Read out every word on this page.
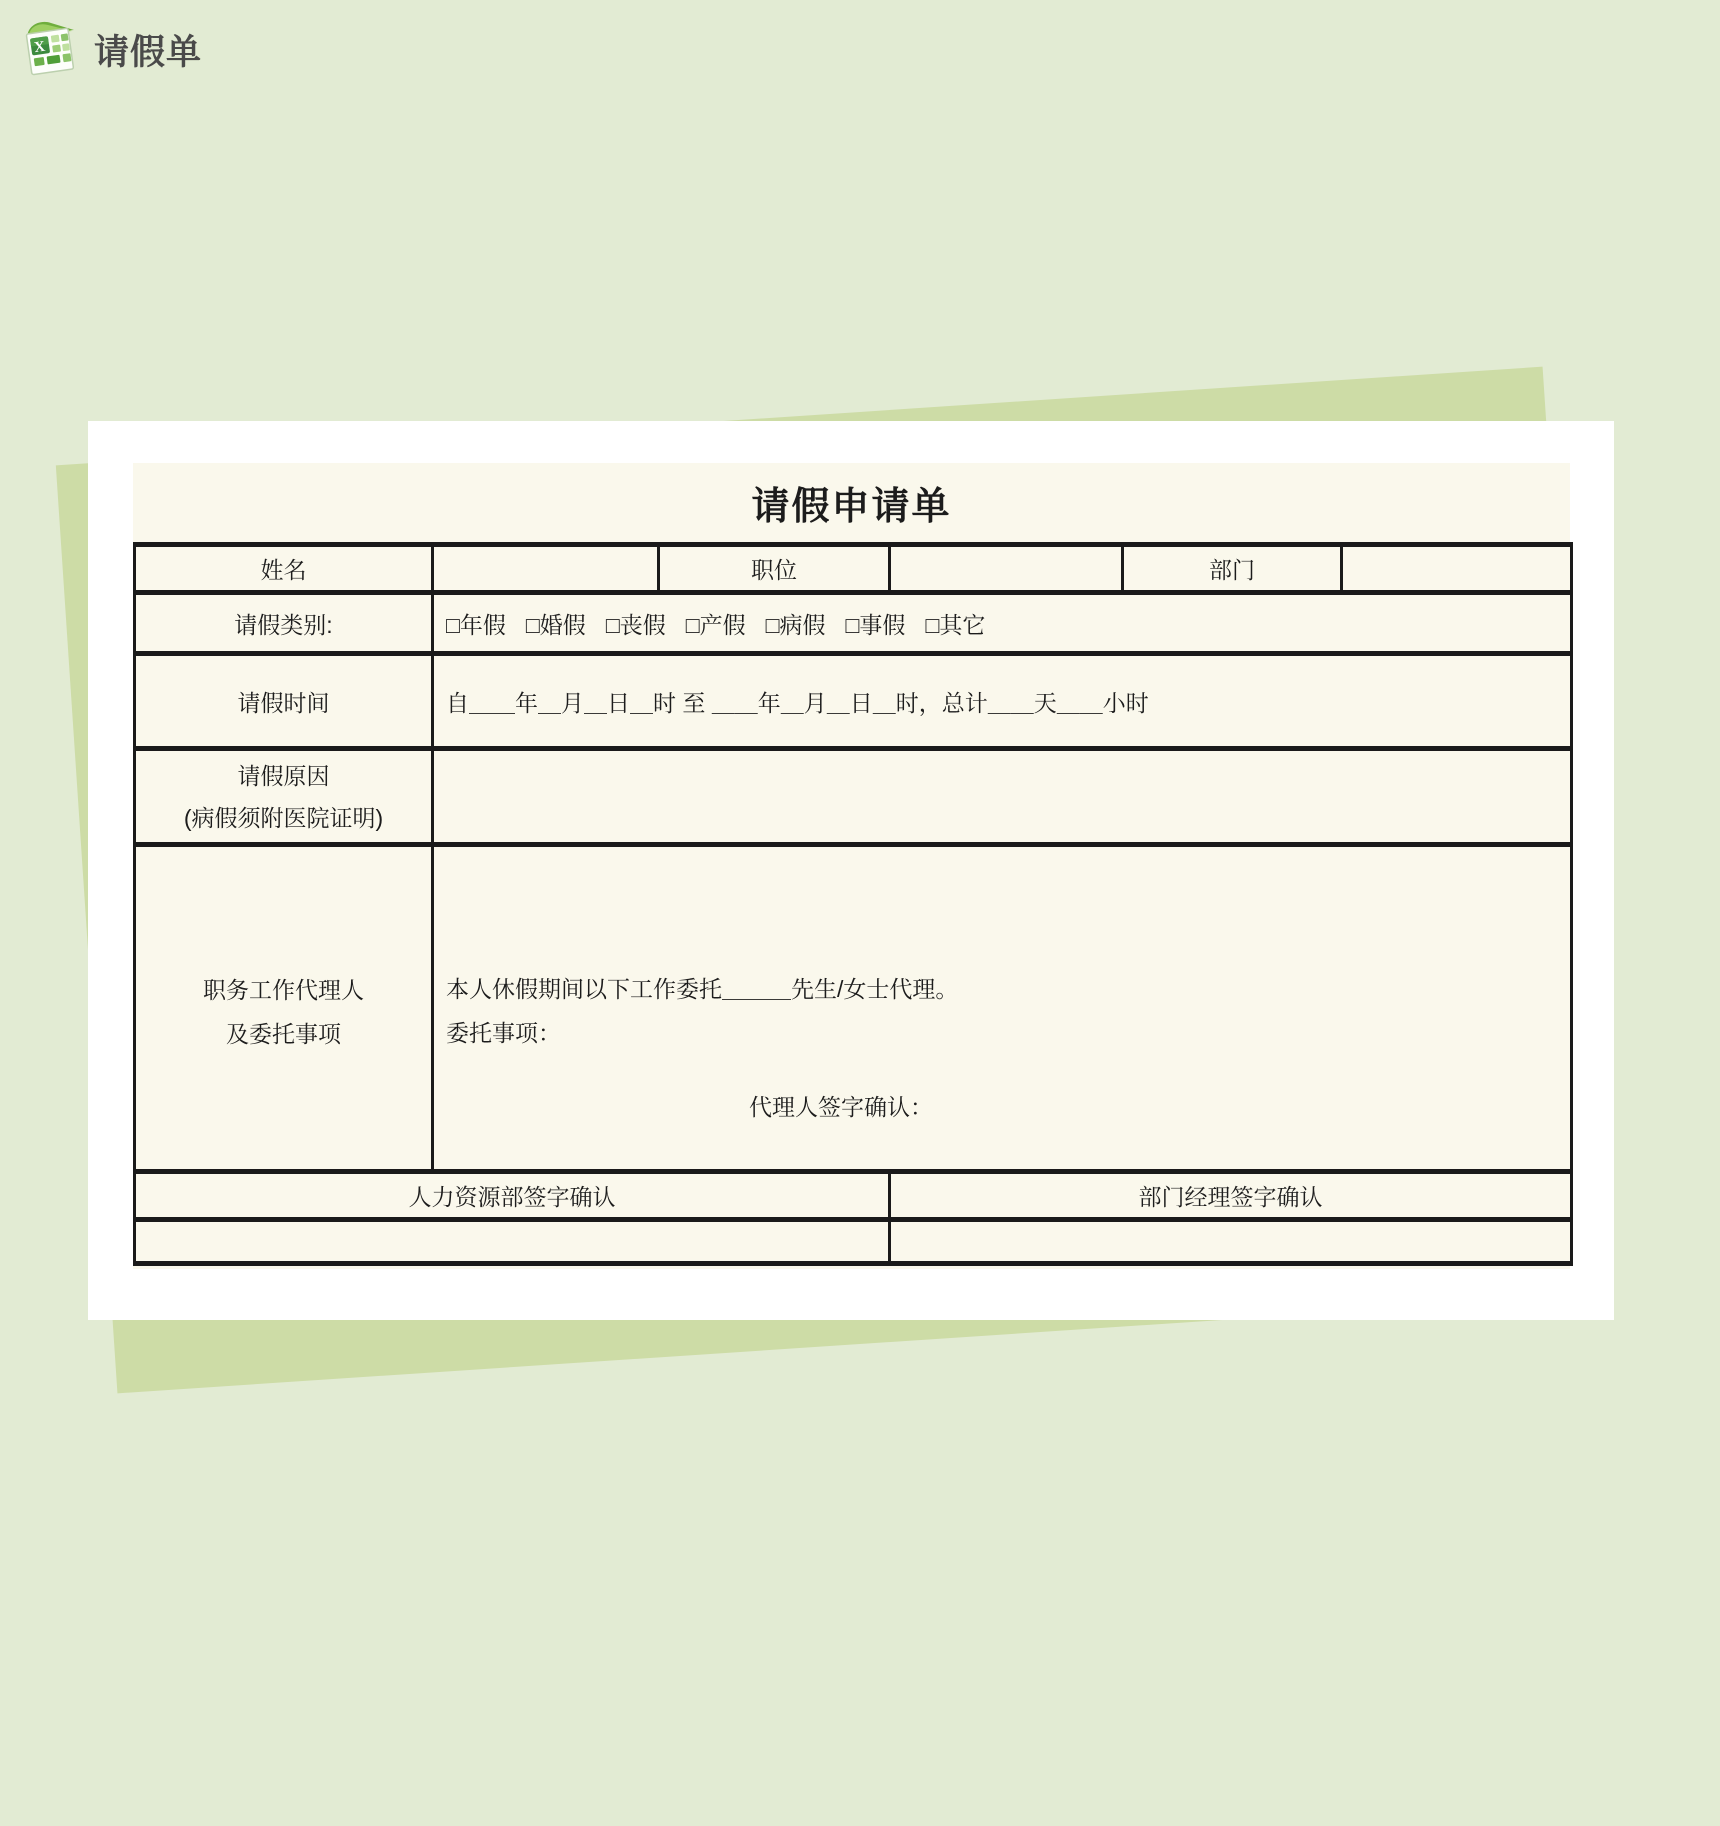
X 请假单
请假申请单
姓名		职位		部门	
请假类别:	□年假 □婚假 □丧假 □产假 □病假 □事假 □其它				
请假时间	自＿＿年＿月＿日＿时 至 ＿＿年＿月＿日＿时，总计＿＿天＿＿小时				

请假原因
(病假须附医院证明)					

职务工作代理人
及委托事项

本人休假期间以下工作委托＿＿＿先生/女士代理。
委托事项：
代理人签字确认：

人力资源部签字确认			部门经理签字确认		
